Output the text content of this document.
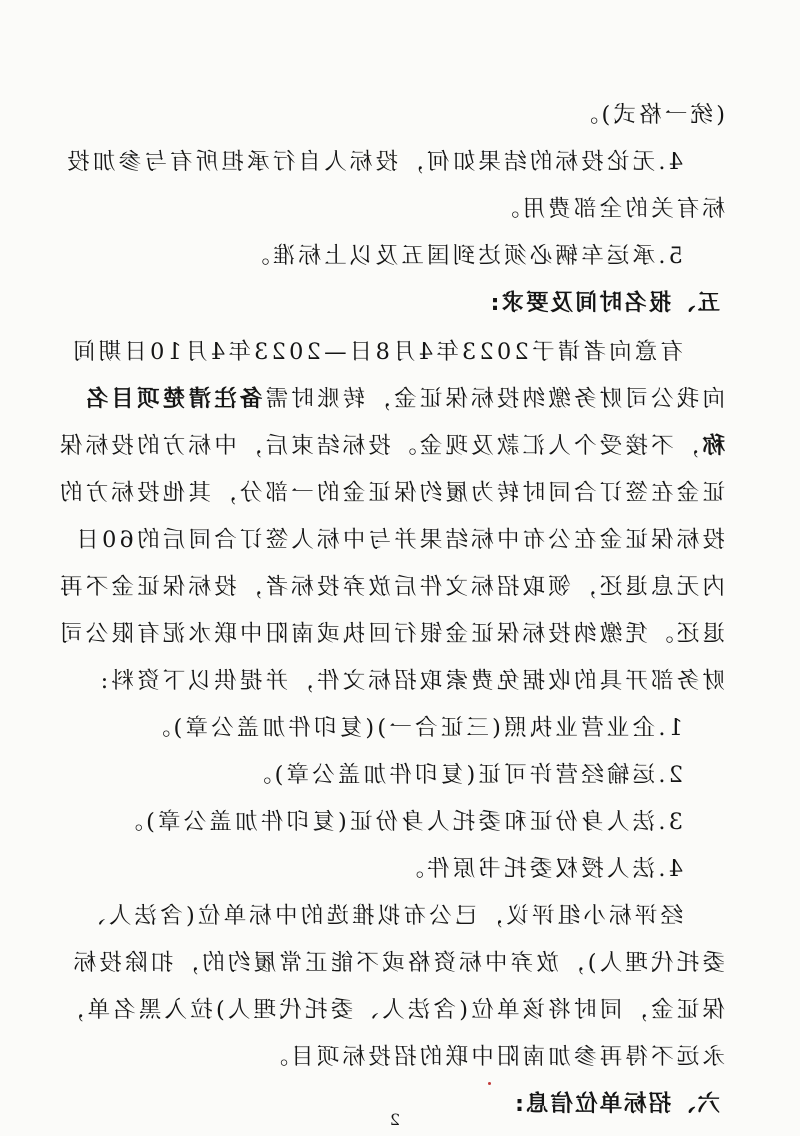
(统一格式)。
4.无论投标的结果如何，投标人自行承担所有与参加投
标有关的全部费用。
5.承运车辆必须达到国五及以上标准。
五、报名时间及要求:
有意向者请于2023年4月8日—2023年4月10日期间
向我公司财务缴纳投标保证金，转账时需备注清楚项目名
称，不接受个人汇款及现金。投标结束后，中标方的投标保
证金在签订合同时转为履约保证金的一部分，其他投标方的
投标保证金在公布中标结果并与中标人签订合同后的60日
内无息退还，领取招标文件后放弃投标者，投标保证金不再
退还。凭缴纳投标保证金银行回执或南阳中联水泥有限公司
财务部开具的收据免费索取招标文件，并提供以下资料:
1.企业营业执照(三证合一)(复印件加盖公章)。
2.运输经营许可证(复印件加盖公章)。
3.法人身份证和委托人身份证(复印件加盖公章)。
4.法人授权委托书原件。
经评标小组评议，已公布拟推选的中标单位(含法人、
委托代理人)，放弃中标资格或不能正常履约的，扣除投标
保证金，同时将该单位(含法人、委托代理人)拉入黑名单，
永远不得再参加南阳中联的招投标项目。
六、招标单位信息:
2
